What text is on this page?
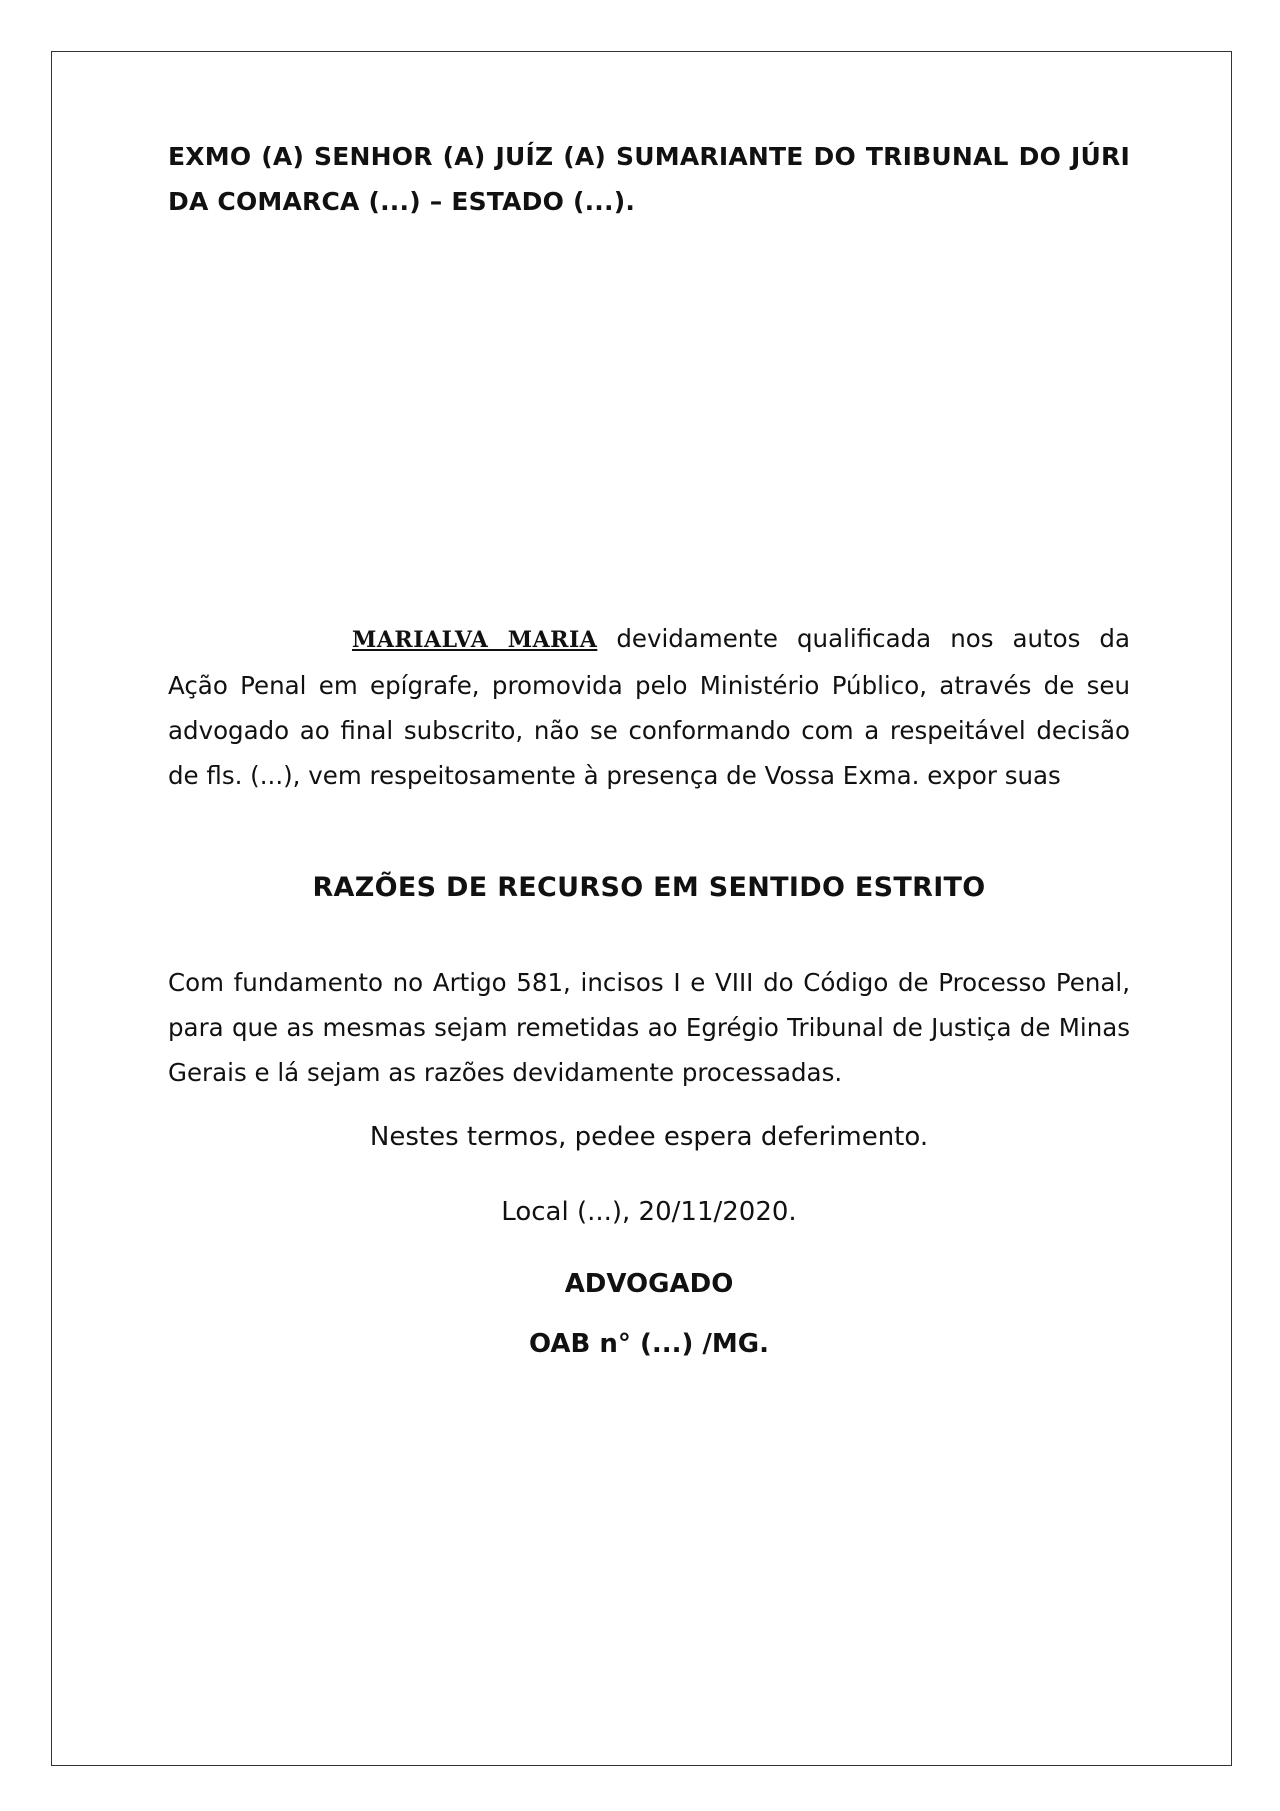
EXMO (A) SENHOR (A) JUÍZ (A) SUMARIANTE DO TRIBUNAL DO JÚRI DA COMARCA (...) – ESTADO (...).

MARIALVA MARIA devidamente qualificada nos autos da Ação Penal em epígrafe, promovida pelo Ministério Público, através de seu advogado ao final subscrito, não se conformando com a respeitável decisão de fls. (...), vem respeitosamente à presença de Vossa Exma. expor suas

RAZÕES DE RECURSO EM SENTIDO ESTRITO

Com fundamento no Artigo 581, incisos I e VIII do Código de Processo Penal, para que as mesmas sejam remetidas ao Egrégio Tribunal de Justiça de Minas Gerais e lá sejam as razões devidamente processadas.

Nestes termos, pedee espera deferimento.

Local (...), 20/11/2020.

ADVOGADO

OAB n° (...) /MG.
